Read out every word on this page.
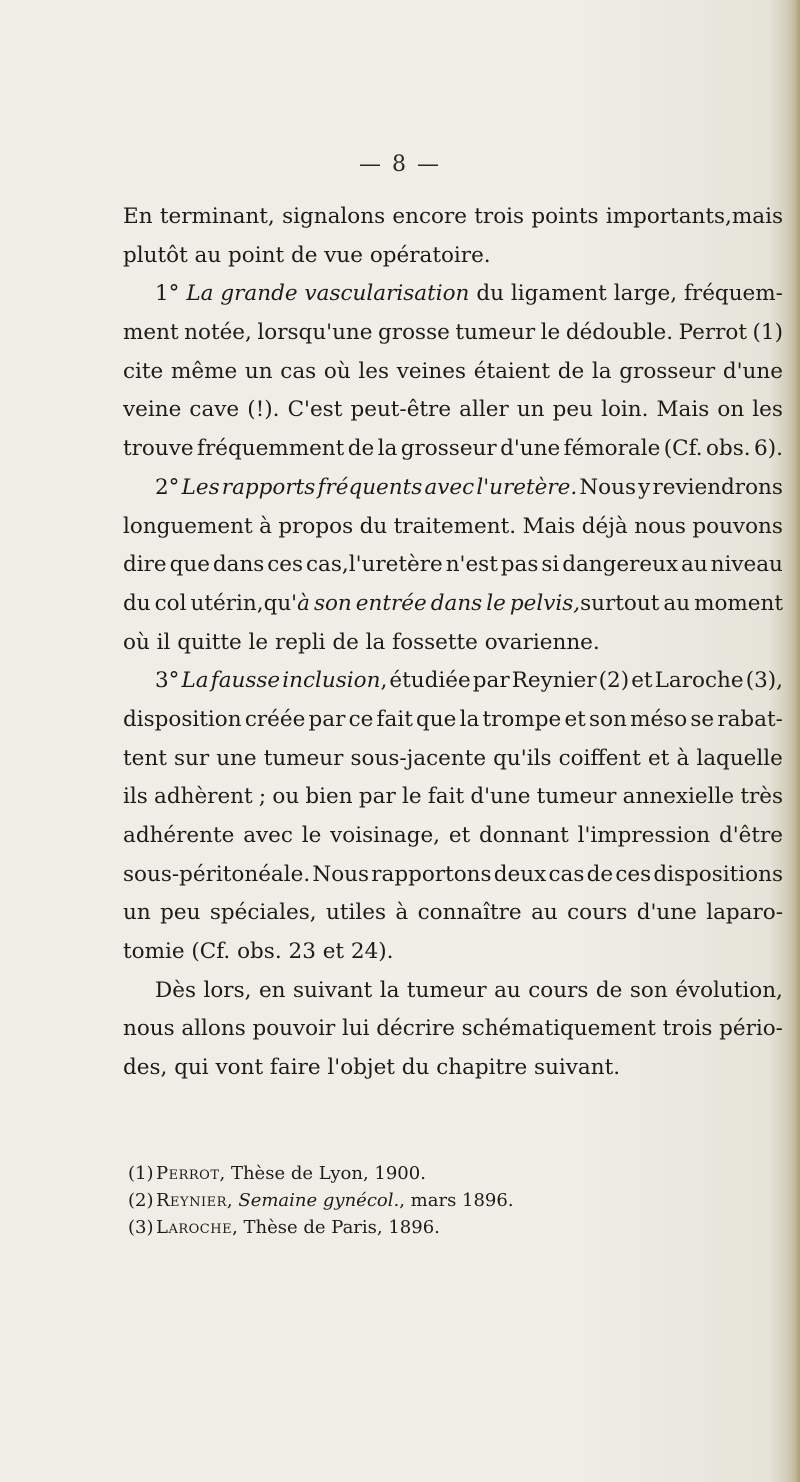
— 8 —
En terminant, signalons encore trois points importants,mais
plutôt au point de vue opératoire.
1° La grande vascularisation du ligament large, fréquem-
ment notée, lorsqu'une grosse tumeur le dédouble. Perrot (1)
cite même un cas où les veines étaient de la grosseur d'une
veine cave (!). C'est peut-être aller un peu loin. Mais on les
trouve fréquemment de la grosseur d'une fémorale (Cf. obs. 6).
2° Les rapports fréquents avec l'uretère. Nous y reviendrons
longuement à propos du traitement. Mais déjà nous pouvons
dire que dans ces cas,l'uretère n'est pas si dangereux au niveau
du col utérin,qu'à son entrée dans le pelvis,surtout au moment
où il quitte le repli de la fossette ovarienne.
3° La fausse inclusion, étudiée par Reynier (2) et Laroche (3),
disposition créée par ce fait que la trompe et son méso se rabat-
tent sur une tumeur sous-jacente qu'ils coiffent et à laquelle
ils adhèrent ; ou bien par le fait d'une tumeur annexielle très
adhérente avec le voisinage, et donnant l'impression d'être
sous-péritonéale. Nous rapportons deux cas de ces dispositions
un peu spéciales, utiles à connaître au cours d'une laparo-
tomie (Cf. obs. 23 et 24).
Dès lors, en suivant la tumeur au cours de son évolution,
nous allons pouvoir lui décrire schématiquement trois pério-
des, qui vont faire l'objet du chapitre suivant.
(1) Perrot, Thèse de Lyon, 1900.
(2) Reynier, Semaine gynécol., mars 1896.
(3) Laroche, Thèse de Paris, 1896.
